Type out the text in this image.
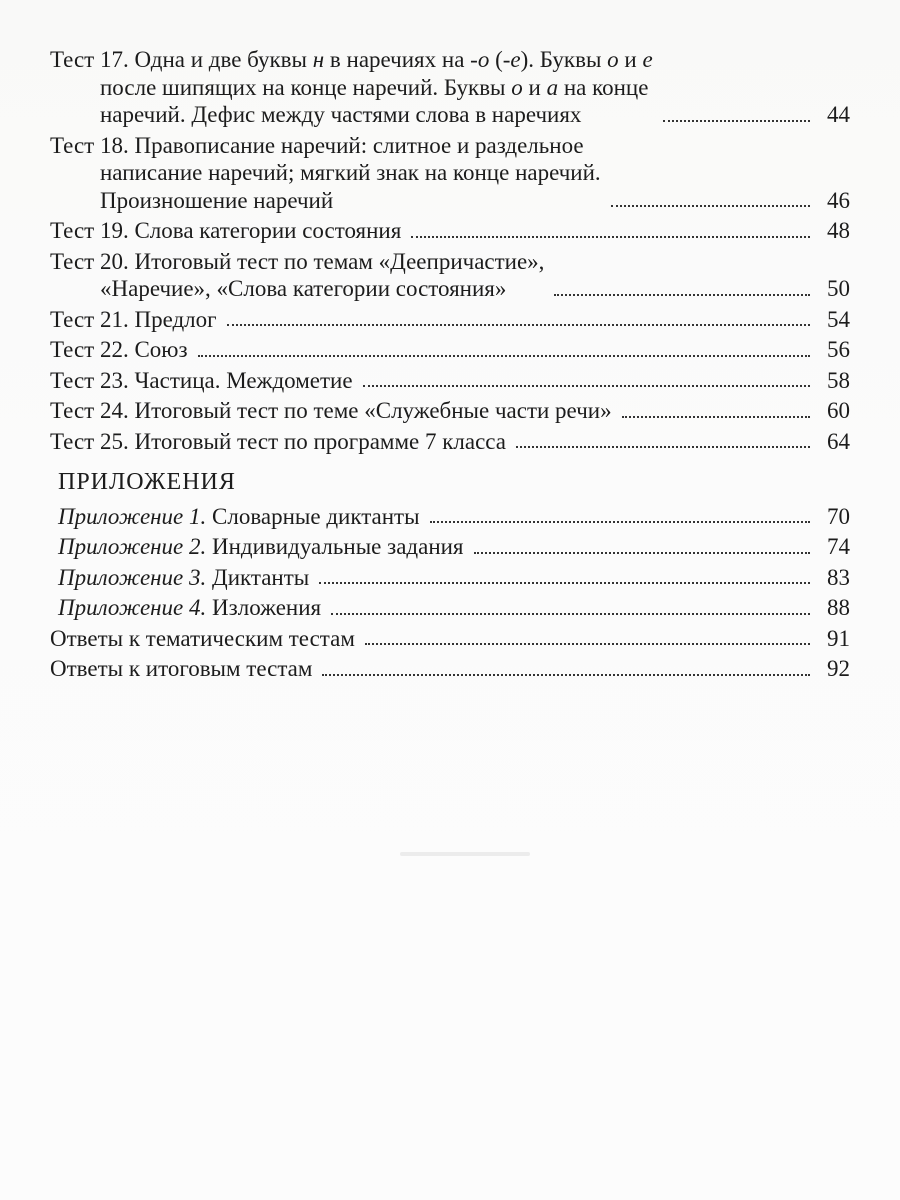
Тест 17. Одна и две буквы н в наречиях на -о (-е). Буквы о и е
после шипящих на конце наречий. Буквы о и а на конце
наречий. Дефис между частями слова в наречиях	44
Тест 18. Правописание наречий: слитное и раздельное
написание наречий; мягкий знак на конце наречий.
Произношение наречий	46
Тест 19. Слова категории состояния	48
Тест 20. Итоговый тест по темам «Деепричастие»,
«Наречие», «Слова категории состояния»	50
Тест 21. Предлог	54
Тест 22. Союз	56
Тест 23. Частица. Междометие	58
Тест 24. Итоговый тест по теме «Служебные части речи»	60
Тест 25. Итоговый тест по программе 7 класса	64
ПРИЛОЖЕНИЯ
Приложение 1. Словарные диктанты	70
Приложение 2. Индивидуальные задания	74
Приложение 3. Диктанты	83
Приложение 4. Изложения	88
Ответы к тематическим тестам	91
Ответы к итоговым тестам	92
